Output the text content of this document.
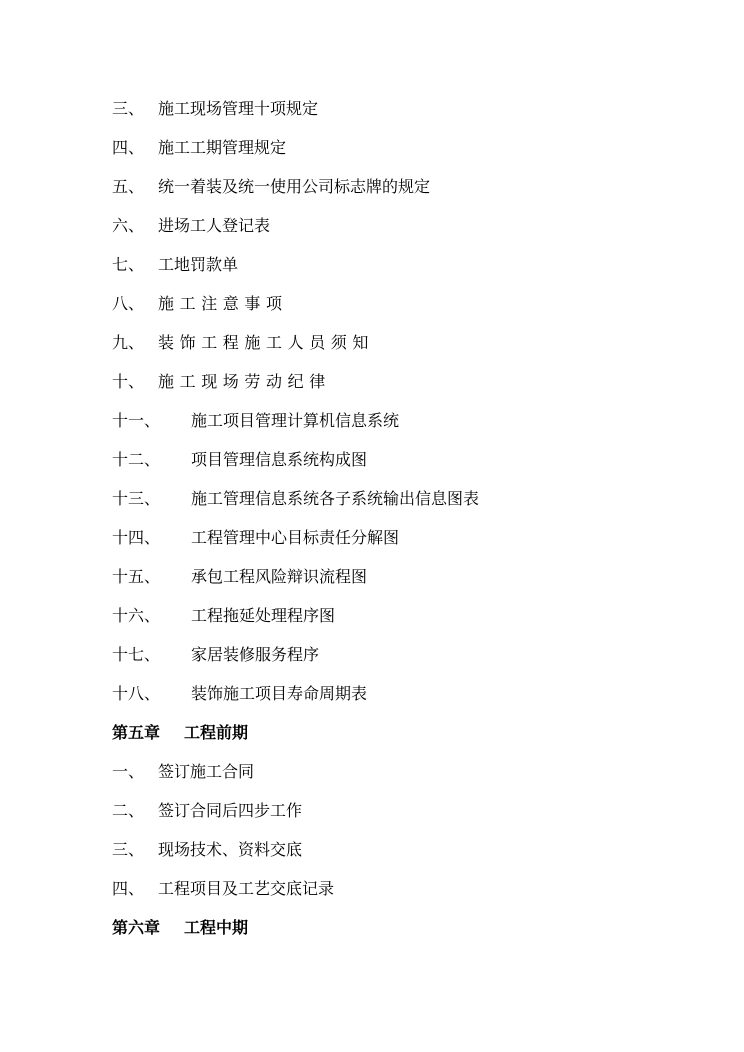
三、 施工现场管理十项规定
四、 施工工期管理规定
五、 统一着装及统一使用公司标志牌的规定
六、 进场工人登记表
七、 工地罚款单
八、 施工注意事项
九、 装饰工程施工人员须知
十、 施工现场劳动纪律
十一、 施工项目管理计算机信息系统
十二、 项目管理信息系统构成图
十三、 施工管理信息系统各子系统输出信息图表
十四、 工程管理中心目标责任分解图
十五、 承包工程风险辩识流程图
十六、 工程拖延处理程序图
十七、 家居装修服务程序
十八、 装饰施工项目寿命周期表
第五章 工程前期
一、 签订施工合同
二、 签订合同后四步工作
三、 现场技术、资料交底
四、 工程项目及工艺交底记录
第六章 工程中期
